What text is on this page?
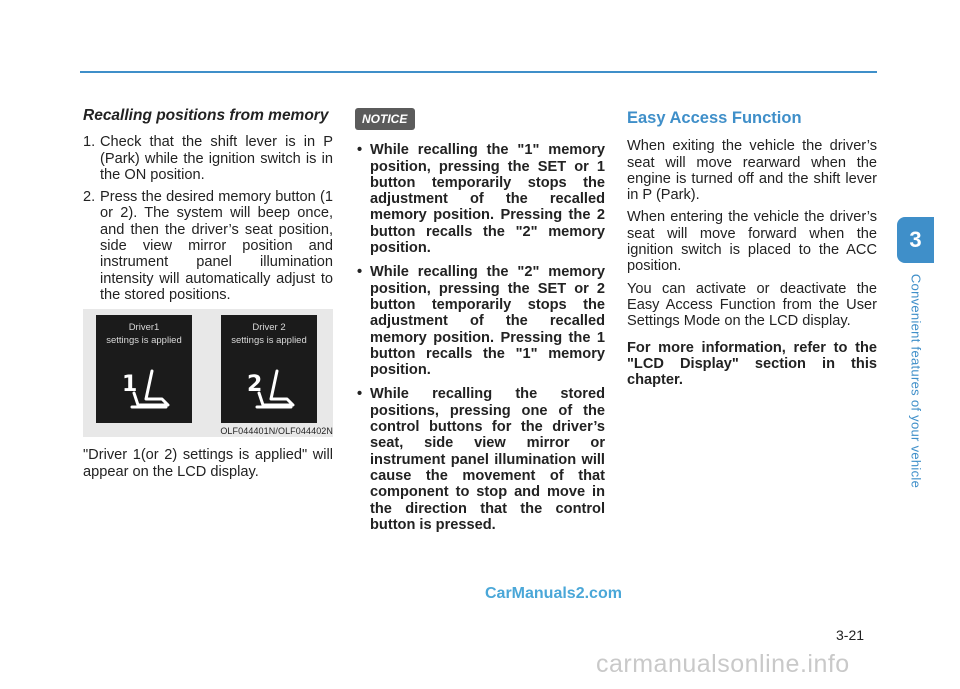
Recalling positions from memory
1. Check that the shift lever is in P (Park) while the ignition switch is in the ON position.
2. Press the desired memory button (1 or 2). The system will beep once, and then the driver’s seat position, side view mirror position and instrument panel illumination intensity will automatically adjust to the stored positions.
Driver1
settings is applied
1
Driver 2
settings is applied
2
OLF044401N/OLF044402N

"Driver 1(or 2) settings is applied" will appear on the LCD display.

NOTICE
• While recalling the "1" memory position, pressing the SET or 1 button temporarily stops the adjustment of the recalled memory position. Pressing the 2 button recalls the "2" memory position.
• While recalling the "2" memory position, pressing the SET or 2 button temporarily stops the adjustment of the recalled memory position. Pressing the 1 button recalls the "1" memory position.
• While recalling the stored positions, pressing one of the control buttons for the driver’s seat, side view mirror or instrument panel illumination will cause the movement of that component to stop and move in the direction that the control button is pressed.
Easy Access Function

When exiting the vehicle the driver’s seat will move rearward when the engine is turned off and the shift lever in P (Park).

When entering the vehicle the driver’s seat will move forward when the ignition switch is placed to the ACC position.

You can activate or deactivate the Easy Access Function from the User Settings Mode on the LCD display.

For more information, refer to the "LCD Display" section in this chapter.

3
Convenient features of your vehicle
3-21
CarManuals2.com
carmanualsonline.info
